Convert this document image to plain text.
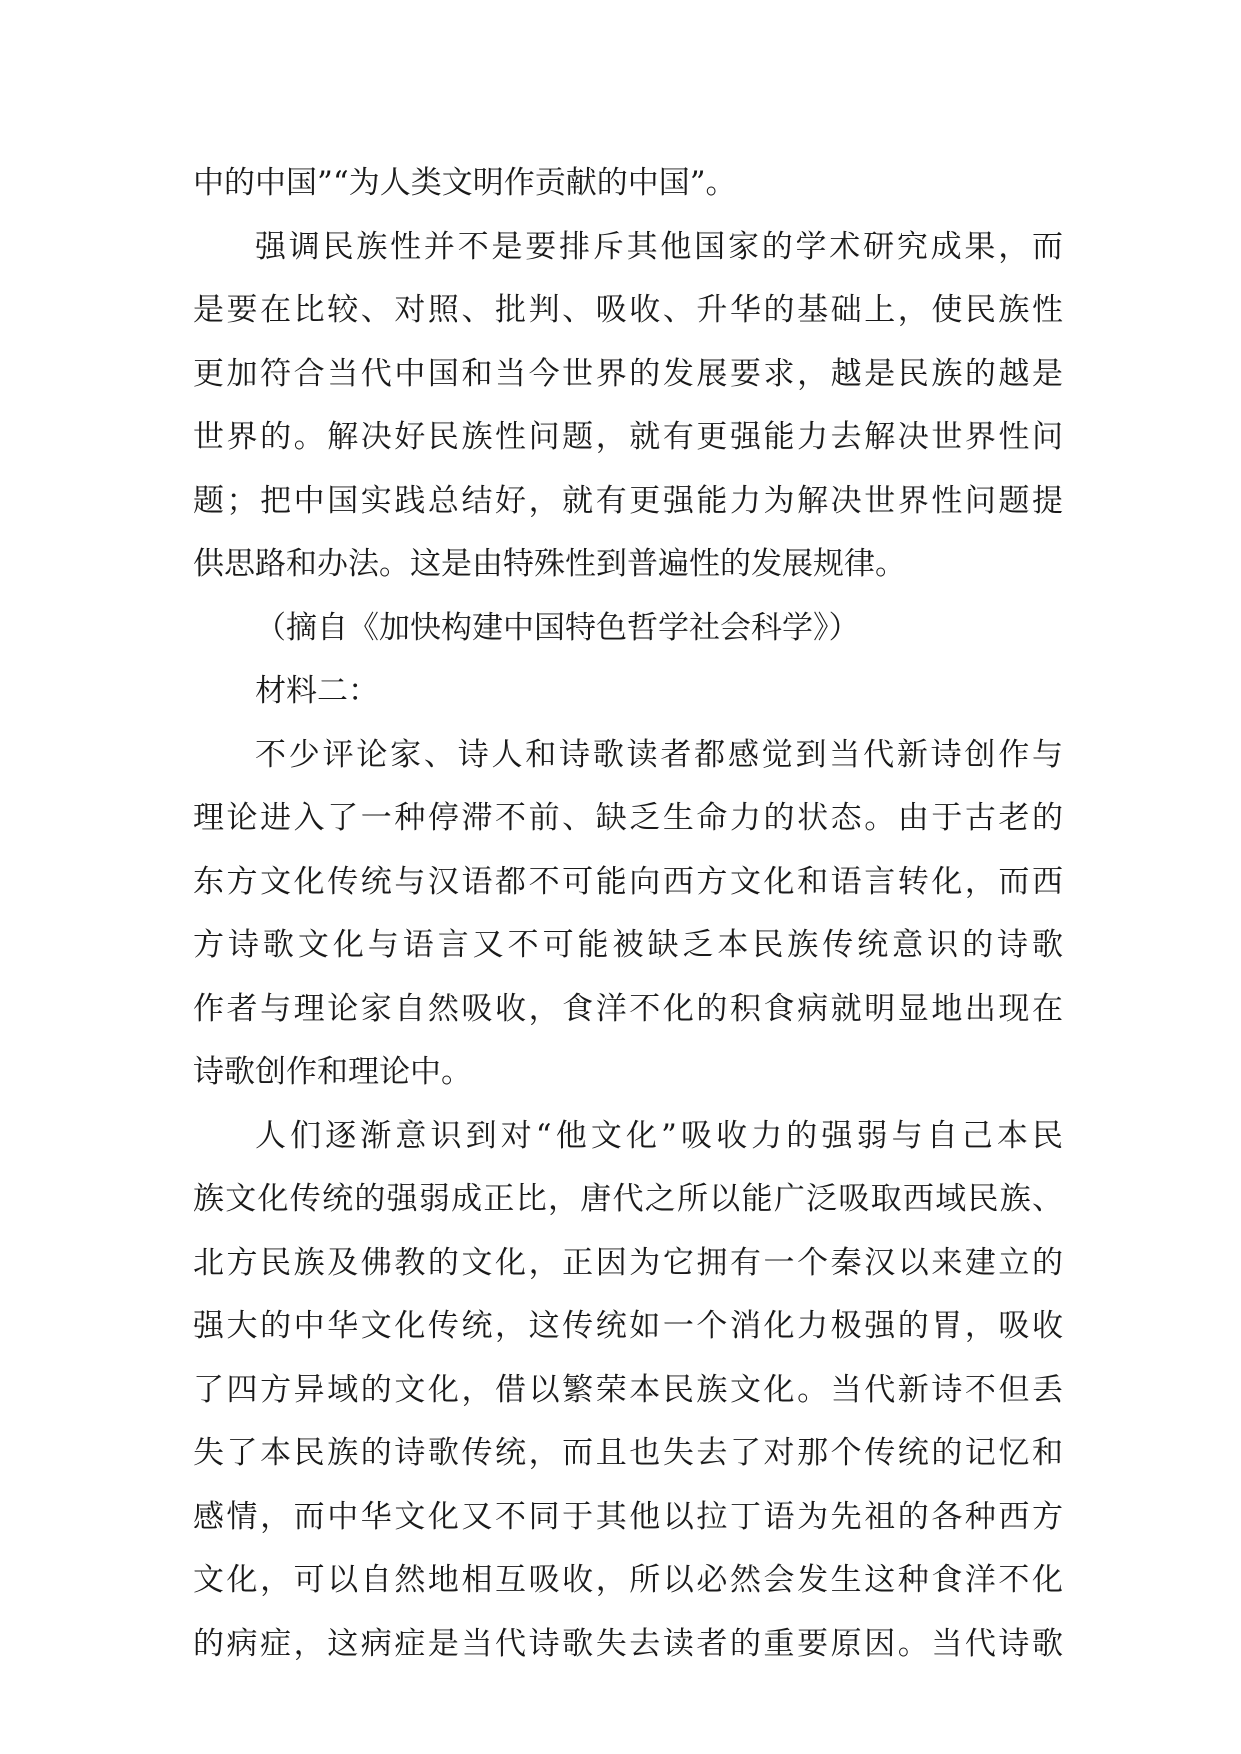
中的中国”“为人类文明作贡献的中国”。
强调民族性并不是要排斥其他国家的学术研究成果，而
是要在比较、对照、批判、吸收、升华的基础上，使民族性
更加符合当代中国和当今世界的发展要求，越是民族的越是
世界的。解决好民族性问题，就有更强能力去解决世界性问
题；把中国实践总结好，就有更强能力为解决世界性问题提
供思路和办法。这是由特殊性到普遍性的发展规律。
（摘自《加快构建中国特色哲学社会科学》）
材料二：
不少评论家、诗人和诗歌读者都感觉到当代新诗创作与
理论进入了一种停滞不前、缺乏生命力的状态。由于古老的
东方文化传统与汉语都不可能向西方文化和语言转化，而西
方诗歌文化与语言又不可能被缺乏本民族传统意识的诗歌
作者与理论家自然吸收，食洋不化的积食病就明显地出现在
诗歌创作和理论中。
人们逐渐意识到对“他文化”吸收力的强弱与自己本民
族文化传统的强弱成正比，唐代之所以能广泛吸取西域民族、
北方民族及佛教的文化，正因为它拥有一个秦汉以来建立的
强大的中华文化传统，这传统如一个消化力极强的胃，吸收
了四方异域的文化，借以繁荣本民族文化。当代新诗不但丢
失了本民族的诗歌传统，而且也失去了对那个传统的记忆和
感情，而中华文化又不同于其他以拉丁语为先祖的各种西方
文化，可以自然地相互吸收，所以必然会发生这种食洋不化
的病症，这病症是当代诗歌失去读者的重要原因。当代诗歌
